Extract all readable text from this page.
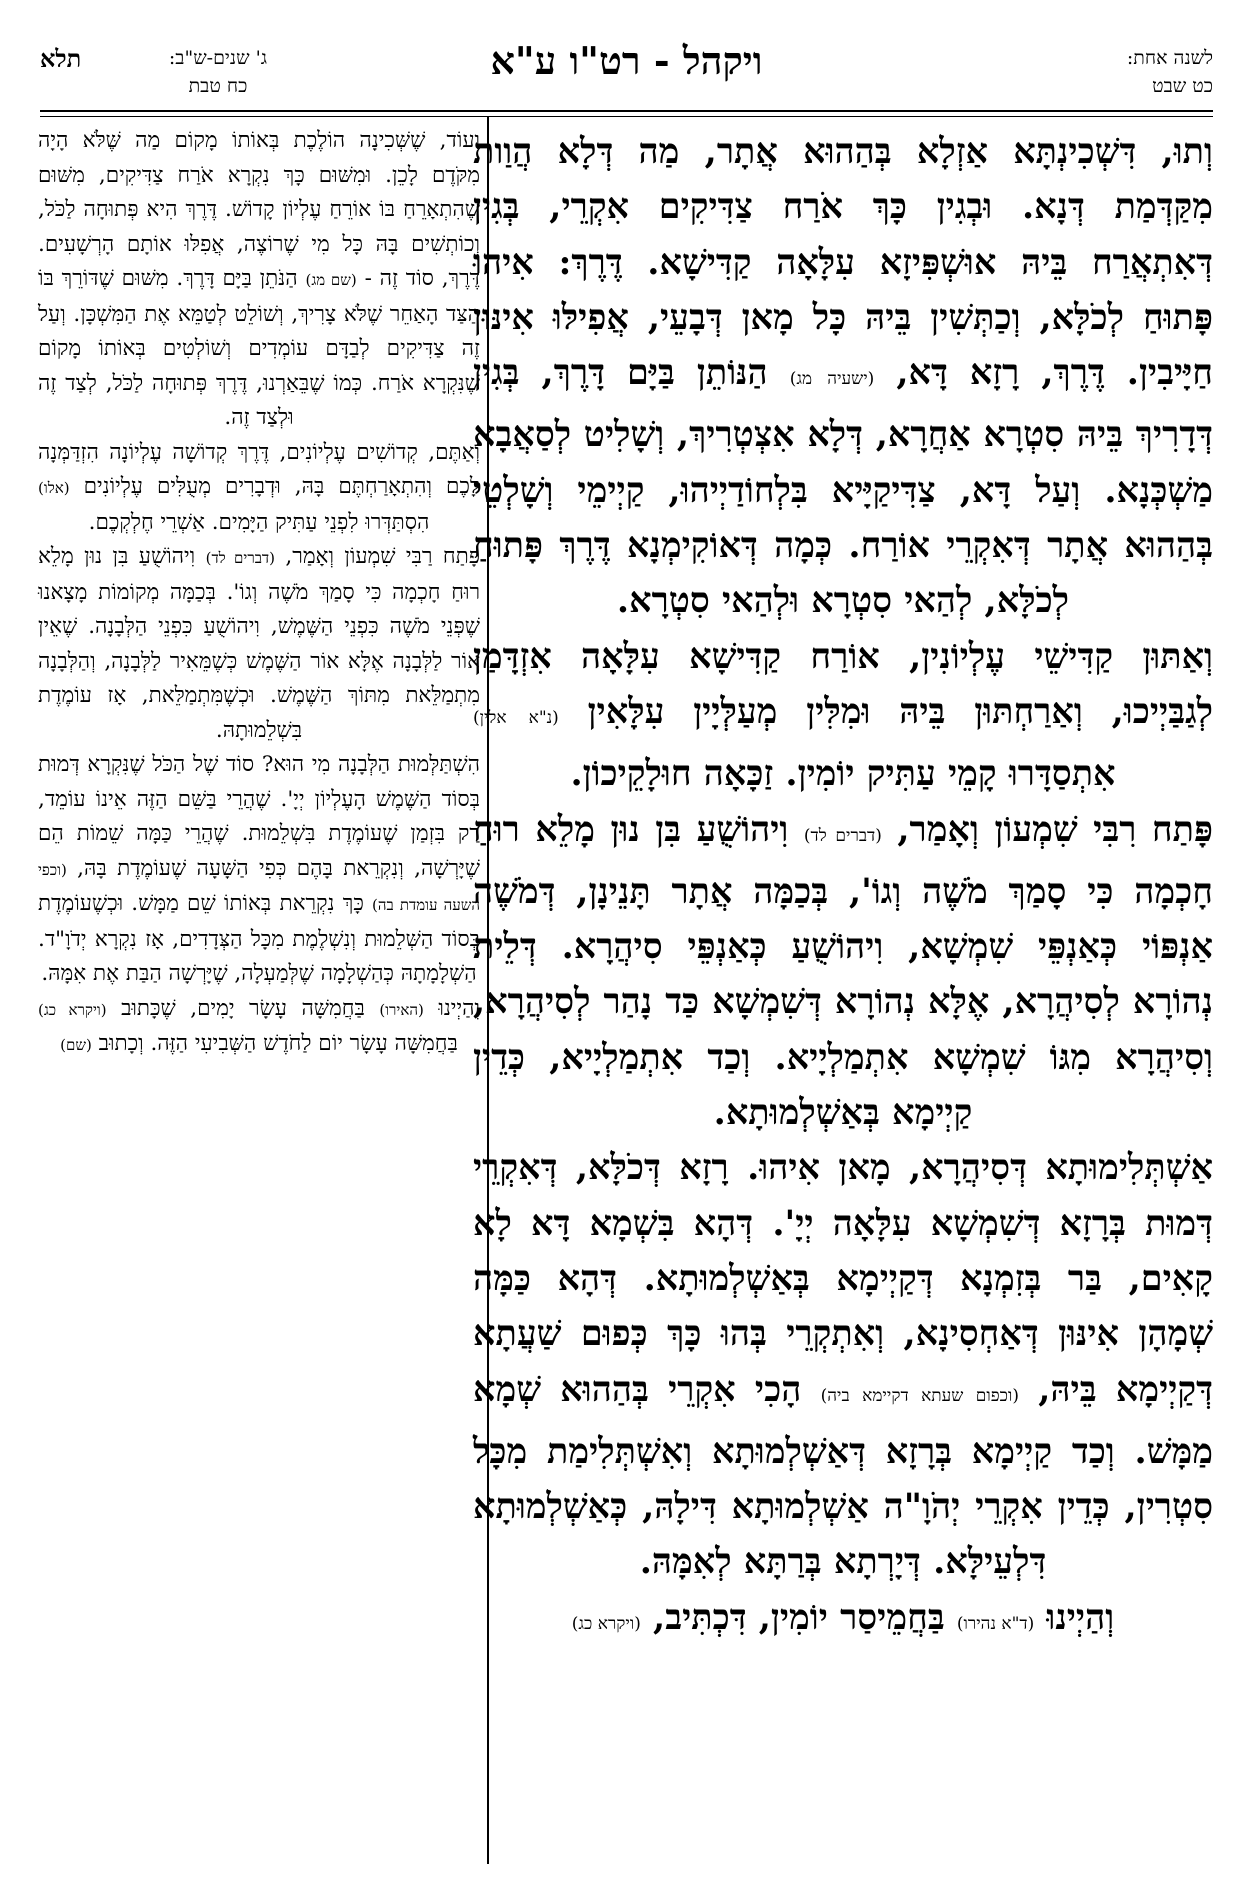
ויקהל - רט"ו ע"א	לשנה אחת:
כט שבט
תלא	ג' שנים-ש"ב:
כח טבת

וְתוּ, דִּשְׁכִינְתָּא אַזְלָא בְּהַהוּא אֲתָר, מַה דְּלָא הֲוַות מִקַּדְּמַת דְּנָא. וּבְגִין כָּךְ אֹרַח צַדִּיקִים אִקְרֵי, בְּגִין דְּאִתְאֲרַח בֵּיהּ אוּשְׁפִּיזָא עִלָּאָה קַדִּישָׁא. דֶּרֶךְ: אִיהוּ פָּתוּחַ לְכֹלָּא, וְכַתְּשִׁין בֵּיהּ כָּל מָאן דְּבָעֵי, אֲפִילּוּ אִינּוּן חַיָּיבִין. דֶּרֶךְ, רָזָא דָּא, (ישעיה מג) הַנּוֹתֵן בַּיָּם דָּרֶךְ, בְּגִין דְּדָרִיךְ בֵּיהּ סִטְרָא אַחֲרָא, דְּלָא אִצְטְרִיךְ, וְשָׁלִיט לְסַאֲבָא מַשְׁכְּנָא. וְעַל דָּא, צַדִּיקַיָּיא בִּלְחוֹדַיְיהוּ, קַיְימֵי וְשָׁלְטֵי בְּהַהוּא אֲתָר דְּאִקְרֵי אוֹרַח. כְּמָה דְּאוֹקִימְנָא דֶּרֶךְ פָּתוּחַ לְכֹלָּא, לְהַאי סִטְרָא וּלְהַאי סִטְרָא.

וְאַתּוּן קַדִּישֵׁי עֶלְיוֹנִין, אוֹרַח קַדִּישָׁא עִלָּאָה אִזְדָּמַן לְגַבַּיְיכוּ, וְאַרַחְתּוּן בֵּיהּ וּמִלִּין מְעַלְּיָין עִלָּאִין (נ"א אלין) אִתְסַדָּרוּ קָמֵי עַתִּיק יוֹמִין. זַכָּאָה חוּלָקֵיכוֹן.

פָּתַח רִבִּי שִׁמְעוֹן וְאָמַר, (דברים לד) וִיהוֹשֻׁעַ בִּן נוּן מָלֵא רוּחַ חָכְמָה כִּי סָמַךְ מֹשֶׁה וְגוֹ', בְּכַמָּה אֲתָר תָּנֵינָן, דְּמֹשֶׁה אַנְפּוֹי כְּאַנְפֵּי שִׁמְשָׁא, וִיהוֹשֻׁעַ כְּאַנְפֵּי סִיהֲרָא. דְּלֵית נְהוֹרָא לְסִיהֲרָא, אֶלָּא נְהוֹרָא דְּשִׁמְשָׁא כַּד נָהַר לְסִיהֲרָא, וְסִיהֲרָא מִגּוֹ שִׁמְשָׁא אִתְמַלְיָיא. וְכַד אִתְמַלְיָיא, כְּדֵין קַיְימָא בְּאַשְׁלְמוּתָא.

אַשְׁתְּלִימוּתָא דְּסִיהֲרָא, מָאן אִיהוּ. רָזָא דְּכֹלָּא, דְּאִקְרֵי דְּמוּת בְּרָזָא דְּשִׁמְשָׁא עִלָּאָה יְיָ'. דְּהָא בִּשְׁמָא דָּא לָא קָאִים, בַּר בְּזִמְנָא דְּקַיְימָא בְּאַשְׁלְמוּתָא. דְּהָא כַּמָּה שְׁמָהָן אִינּוּן דְּאַחְסִינָא, וְאִתְקְרֵי בְּהוּ כָּךְ כְּפוּם שַׁעֲתָא דְּקַיְימָא בֵּיהּ, (וכפום שעתא דקיימא ביה) הָכִי אִקְרֵי בְּהַהוּא שְׁמָא מַמָּשׁ. וְכַד קַיְימָא בְּרָזָא דְּאַשְׁלְמוּתָא וְאִשְׁתְּלִימַת מִכָּל סִטְרִין, כְּדֵין אִקְרֵי יְהֹוָ"ה אַשְׁלְמוּתָא דִּילָהּ, כְּאַשְׁלְמוּתָא דִּלְעֵילָּא. דְּיָרְתָא בְּרַתָּא לְאִמָּהּ.

וְהַיְינוּ (ד"א נהירו) בַּחֲמֵיסַר יוֹמִין, דִּכְתִּיב, (ויקרא כג)

וְעוֹד, שֶׁשְּׁכִינָה הוֹלֶכֶת בְּאוֹתוֹ מָקוֹם מַה שֶּׁלֹּא הָיָה מִקֹּדֶם לָכֵן. וּמִשּׁוּם כָּךְ נִקְרָא אֹרַח צַדִּיקִים, מִשּׁוּם שֶׁהִתְאָרֵחַ בּוֹ אוֹרֵחַ עֶלְיוֹן קָדוֹשׁ. דֶּרֶךְ הִיא פְּתוּחָה לַכֹּל, וְכוֹתְשִׁים בָּהּ כָּל מִי שֶׁרוֹצֶה, אֲפִלּוּ אוֹתָם הָרְשָׁעִים. דֶּרֶךְ, סוֹד זֶה - (שם מג) הַנֹּתֵן בַּיָּם דָּרֶךְ. מִשּׁוּם שֶׁדּוֹרֵךְ בּוֹ הַצַּד הָאַחֵר שֶׁלֹּא צָרִיךְ, וְשׁוֹלֵט לְטַמֵּא אֶת הַמִּשְׁכָּן. וְעַל זֶה צַדִּיקִים לְבַדָּם עוֹמְדִים וְשׁוֹלְטִים בְּאוֹתוֹ מָקוֹם שֶׁנִּקְרָא אֹרַח. כְּמוֹ שֶׁבֵּאַרְנוּ, דֶּרֶךְ פְּתוּחָה לַכֹּל, לְצַד זֶה וּלְצַד זֶה.

וְאַתֶּם, קְדוֹשִׁים עֶלְיוֹנִים, דֶּרֶךְ קְדוֹשָׁה עֶלְיוֹנָה הִזְדַּמְּנָה לָכֶם וְהִתְאָרַחְתֶּם בָּהּ, וּדְבָרִים מְעֻלִּים עֶלְיוֹנִים (אלו) הִסְתַּדְּרוּ לִפְנֵי עַתִּיק הַיָּמִים. אַשְׁרֵי חֶלְקְכֶם.

פָּתַח רַבִּי שִׁמְעוֹן וְאָמַר, (דברים לד) וִיהוֹשֻׁעַ בִּן נוּן מָלֵא רוּחַ חָכְמָה כִּי סָמַךְ מֹשֶׁה וְגוֹ'. בְּכַמָּה מְקוֹמוֹת מָצָאנוּ שֶׁפְּנֵי מֹשֶׁה כִּפְנֵי הַשֶּׁמֶשׁ, וִיהוֹשֻׁעַ כִּפְנֵי הַלְּבָנָה. שֶׁאֵין אוֹר לַלְּבָנָה אֶלָּא אוֹר הַשֶּׁמֶשׁ כְּשֶׁמֵּאִיר לַלְּבָנָה, וְהַלְּבָנָה מִתְמַלֵּאת מִתּוֹךְ הַשֶּׁמֶשׁ. וּכְשֶׁמִּתְמַלֵּאת, אָז עוֹמֶדֶת בִּשְׁלֵמוּתָהּ.

הִשְׁתַּלְּמוּת הַלְּבָנָה מִי הוּא? סוֹד שֶׁל הַכֹּל שֶׁנִּקְרָא דְּמוּת בְּסוֹד הַשֶּׁמֶשׁ הָעֶלְיוֹן יְיָ'. שֶׁהֲרֵי בַּשֵּׁם הַזֶּה אֵינוֹ עוֹמֵד, רַק בִּזְמַן שֶׁעוֹמֶדֶת בִּשְׁלֵמוּת. שֶׁהֲרֵי כַּמָּה שֵׁמוֹת הֵם שֶׁיָּרְשָׁה, וְנִקְרֵאת בָּהֶם כְּפִי הַשָּׁעָה שֶׁעוֹמֶדֶת בָּהּ, (וכפי השעה עומדת בה) כָּךְ נִקְרֵאת בְּאוֹתוֹ שֵׁם מַמָּשׁ. וּכְשֶׁעוֹמֶדֶת בְּסוֹד הַשְּׁלֵמוּת וְנִשְׁלֶמֶת מִכָּל הַצְּדָדִים, אָז נִקְרָא יְדֹוָ"ד. הַשְׁלָמָתָהּ כְּהַשְׁלָמָה שֶׁלְּמַעְלָה, שֶׁיָּרְשָׁה הַבַּת אֶת אִמָּהּ.

וְהַיְינוּ (האירו) בַּחֲמִשָּׁה עָשָׂר יָמִים, שֶׁכָּתוּב (ויקרא כג) בַּחֲמִשָּׁה עָשָׂר יוֹם לַחֹדֶשׁ הַשְּׁבִיעִי הַזֶּה. וְכָתוּב (שם)
